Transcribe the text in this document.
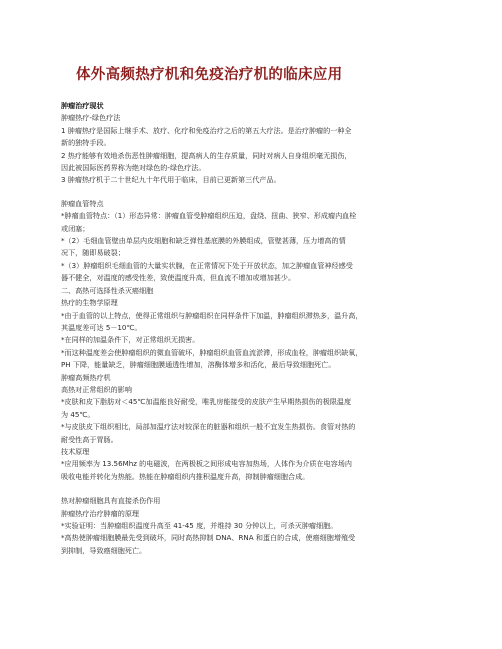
体外高频热疗机和免疫治疗机的临床应用
肿瘤治疗现状
肿瘤热疗-绿色疗法
1 肿瘤热疗是国际上继手术、放疗、化疗和免疫治疗之后的第五大疗法。是治疗肿瘤的一种全
新的独特手段。
2 热疗能够有效地杀伤恶性肿瘤细胞，提高病人的生存质量，同时对病人自身组织毫无损伤，
因此被国际医药界称为绝对绿色的-绿色疗法。
3 肿瘤热疗机于二十世纪九十年代用于临床，目前已更新第三代产品。
肿瘤血管特点
*肿瘤血管特点：（1）形态异常：肿瘤血管受肿瘤组织压迫，盘绕、扭曲、狭窄、形成瘤内血栓
或闭塞；
*（2）毛细血管壁由单层内皮细胞和缺乏弹性基底膜的外膜组成，管壁甚薄，压力增高的情
况下，随即易破裂；
*（3）肿瘤组织毛细血管的大量实状腺，在正常情况下处于开放状态，加之肿瘤血管神经感受
器不健全，对温度的感受性差，致使温度升高，但血流不增加或增加甚少。
二、高热可选择性杀灭癌细胞
热疗的生物学原理
*由于血管的以上特点，使得正常组织与肿瘤组织在同样条件下加温，肿瘤组织滞热多，温升高，
其温度差可达 5－10℃。
*在同样的加温条件下，对正常组织无损害。
*而这种温度差会使肿瘤组织的微血管破坏，肿瘤组织血管血流淤滞，形成血栓，肿瘤组织缺氧，
PH 下降，能量缺乏，肿瘤细胞膜通透性增加，溶酶体增多和活化，最后导致细胞死亡。
肿瘤高频热疗机
高热对正常组织的影响
*皮肤和皮下脂肪对＜45℃加温能良好耐受，唯乳房能接受的皮肤产生早期热损伤的极限温度
为 45℃。
*与皮肤皮下组织相比，局部加温疗法对较深在的脏器和组织一般不宜发生热损伤。食管对热的
耐受性高于胃肠。
技术原理
*应用频率为 13.56Mhz 的电磁波，在两极板之间形成电容加热场，人体作为介质在电容场内
吸收电能并转化为热能。热能在肿瘤组织内推积温度升高，抑制肿瘤细胞合成。
热对肿瘤细胞具有直接杀伤作用
肿瘤热疗治疗肿瘤的原理
*实验证明：当肿瘤组织温度升高至 41-45 度，并维持 30 分钟以上，可杀灭肿瘤细胞。
*高热使肿瘤细胞膜最先受到破坏，同时高热抑制 DNA、RNA 和蛋白的合成，使癌细胞增殖受
到抑制，导致癌细胞死亡。
